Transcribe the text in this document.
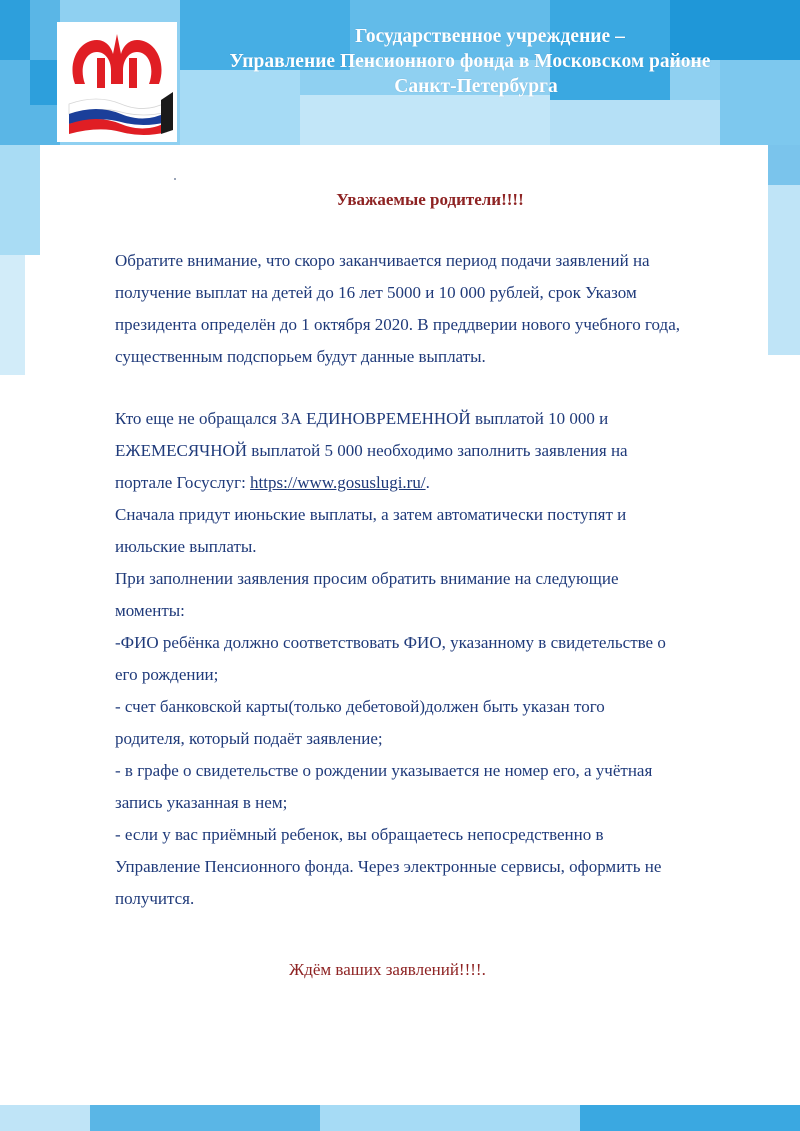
Государственное учреждение –
Управление Пенсионного фонда в Московском районе
Санкт-Петербурга
Уважаемые родители!!!!
Обратите внимание, что скоро заканчивается период подачи заявлений на
получение выплат на детей до 16 лет 5000 и 10 000 рублей, срок Указом
президента определён до 1 октября 2020. В преддверии нового учебного года,
существенным подспорьем будут данные выплаты.
Кто еще не обращался ЗА ЕДИНОВРЕМЕННОЙ выплатой 10 000 и
ЕЖЕМЕСЯЧНОЙ выплатой 5 000 необходимо заполнить заявления на
порталe Госуслуг: https://www.gosuslugi.ru/.
Сначала придут июньские выплаты, а затем автоматически поступят и
июльские выплаты.
При заполнении заявления просим обратить внимание на следующие
моменты:
-ФИО ребёнка должно соответствовать ФИО, указанному в свидетельстве о
его рождении;
- счет банковской карты(только дебетовой)должен быть указан того
родителя, который подаёт заявление;
- в графе о свидетельстве о рождении указывается не номер его, а учётная
запись указанная в нем;
- если у вас приёмный ребенок, вы обращаетесь непосредственно в
Управление Пенсионного фонда. Через электронные сервисы, оформить не
получится.
Ждём ваших заявлений!!!!.
